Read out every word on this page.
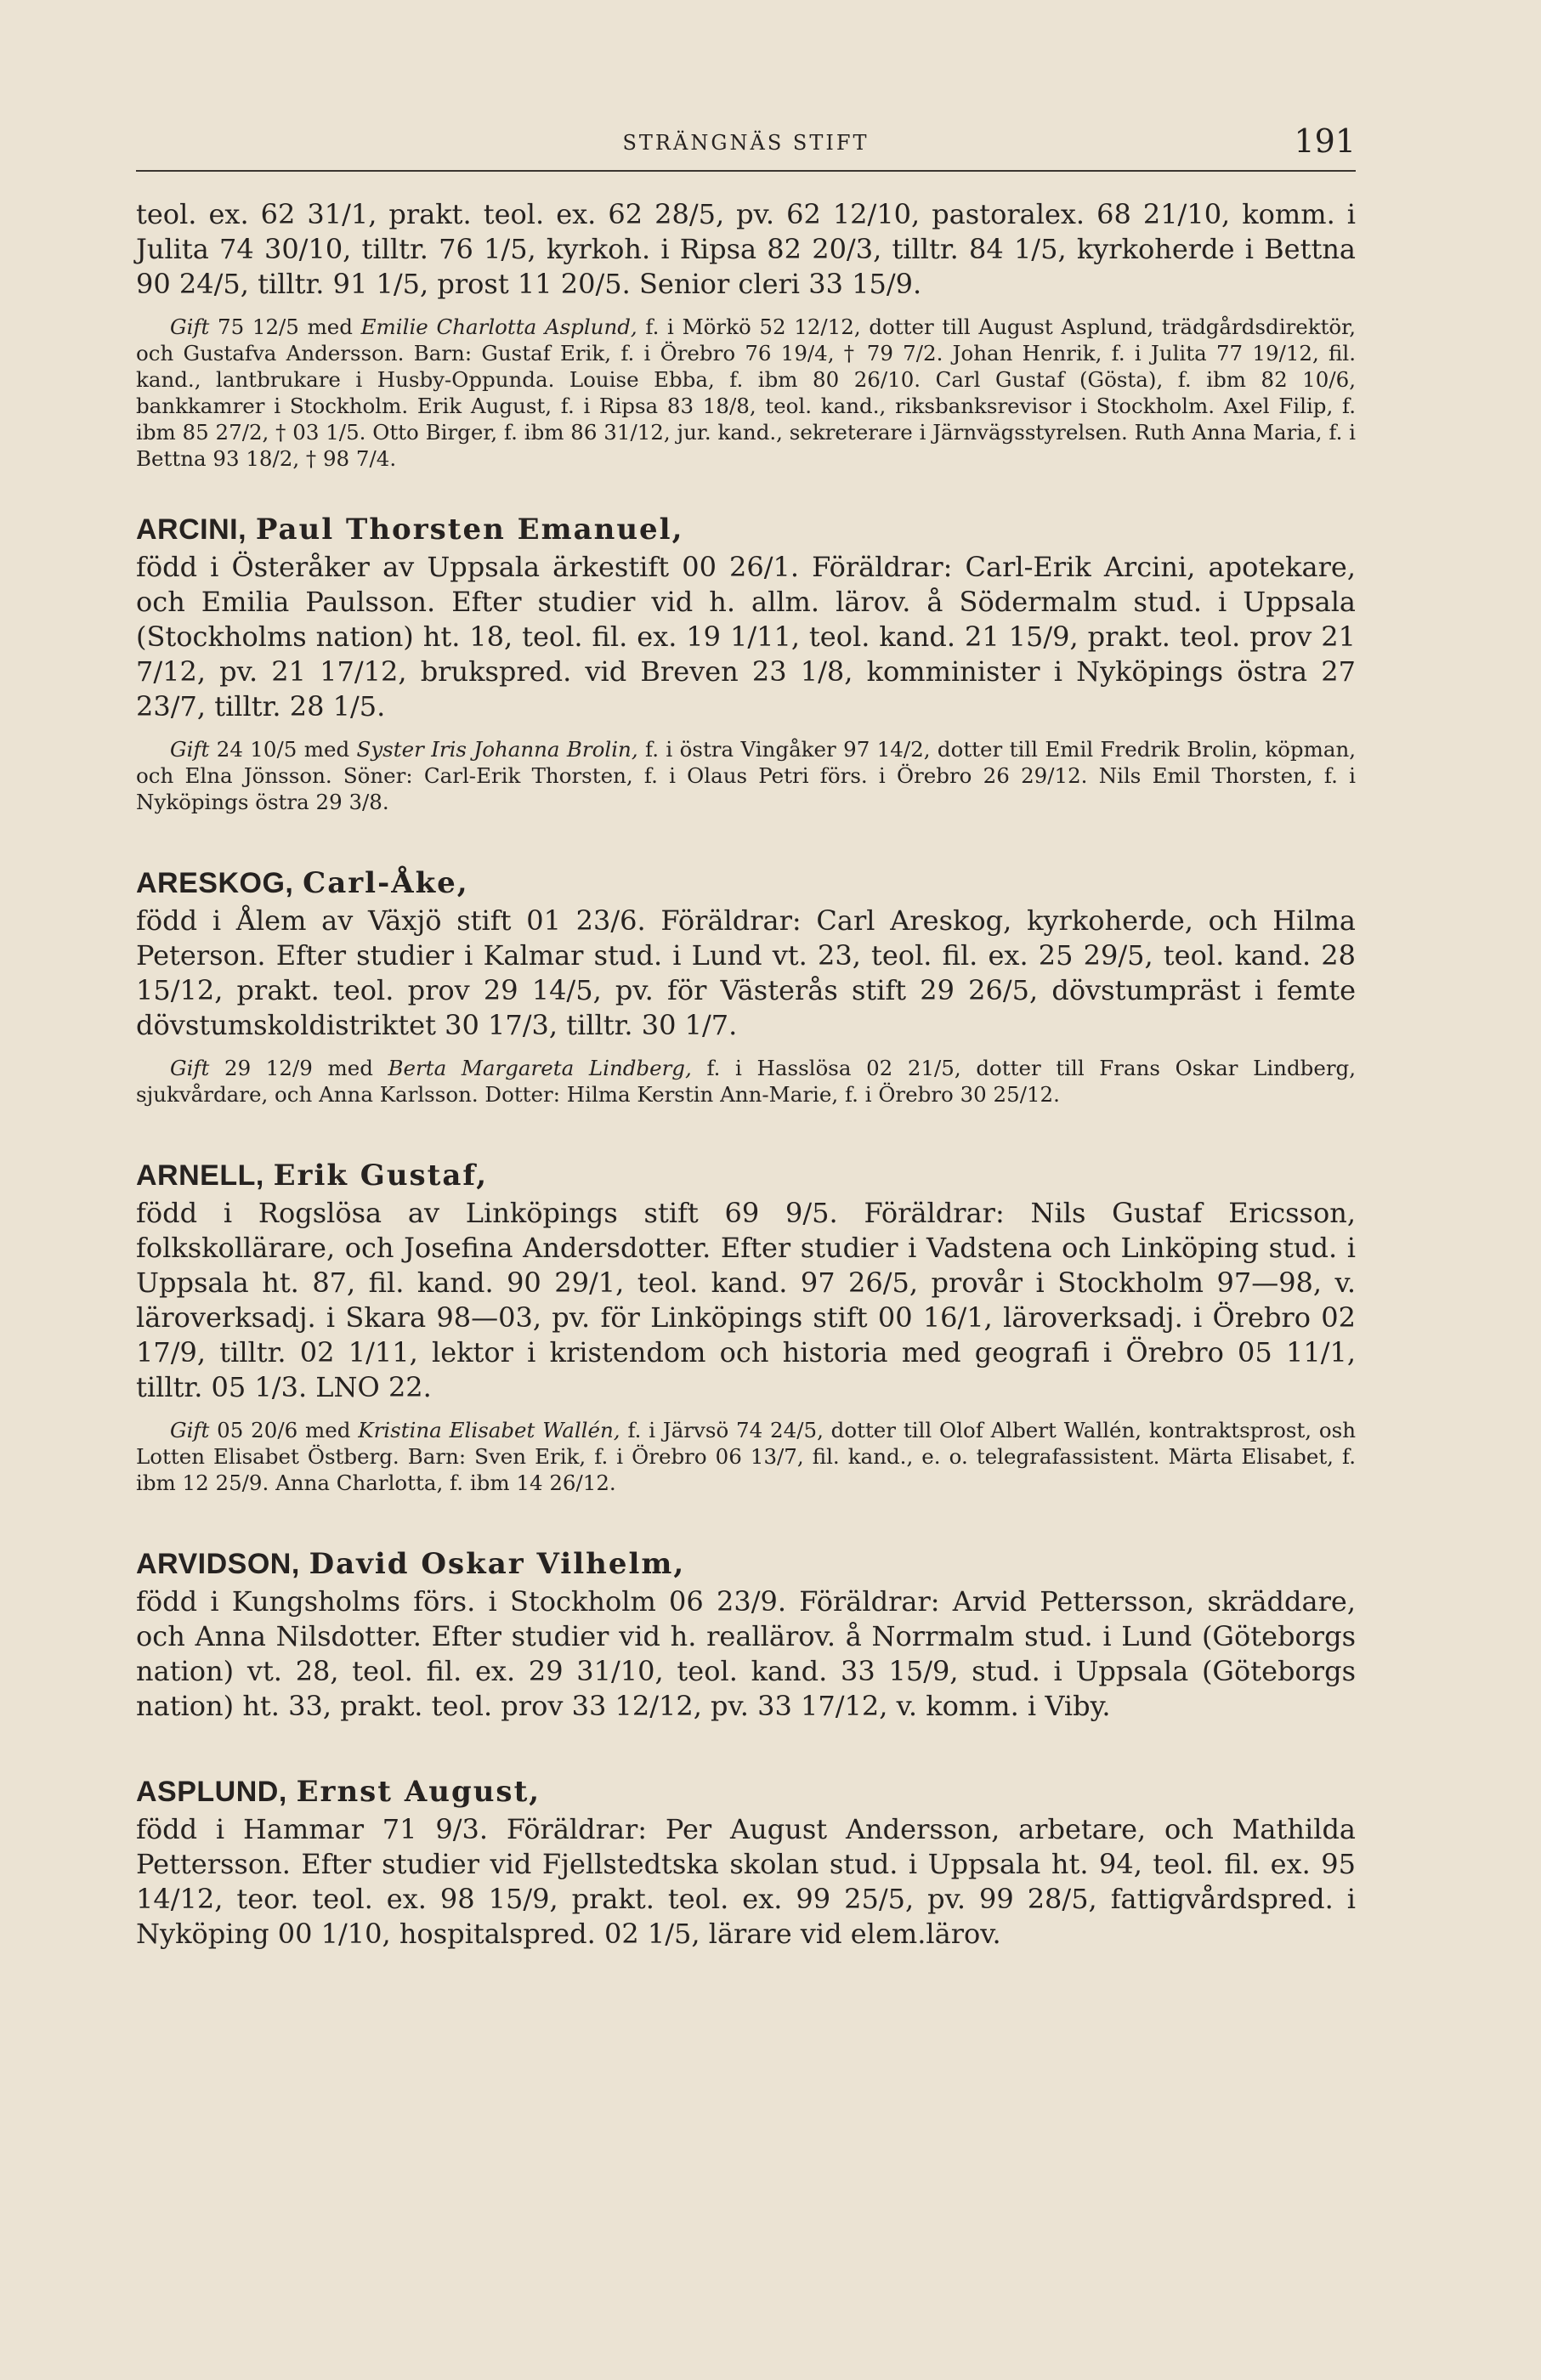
STRÄNGNÄS STIFT	191

teol. ex. 62 31/1, prakt. teol. ex. 62 28/5, pv. 62 12/10, pastoralex. 68 21/10, komm. i Julita 74 30/10, tilltr. 76 1/5, kyrkoh. i Ripsa 82 20/3, tilltr. 84 1/5, kyrkoherde i Bettna 90 24/5, tilltr. 91 1/5, prost 11 20/5. Senior cleri 33 15/9.

Gift 75 12/5 med Emilie Charlotta Asplund, f. i Mörkö 52 12/12, dotter till August Asplund, trädgårdsdirektör, och Gustafva Andersson. Barn: Gustaf Erik, f. i Örebro 76 19/4, † 79 7/2. Johan Henrik, f. i Julita 77 19/12, fil. kand., lantbrukare i Husby-Oppunda. Louise Ebba, f. ibm 80 26/10. Carl Gustaf (Gösta), f. ibm 82 10/6, bankkamrer i Stockholm. Erik August, f. i Ripsa 83 18/8, teol. kand., riksbanksrevisor i Stockholm. Axel Filip, f. ibm 85 27/2, † 03 1/5. Otto Birger, f. ibm 86 31/12, jur. kand., sekreterare i Järnvägsstyrelsen. Ruth Anna Maria, f. i Bettna 93 18/2, † 98 7/4.

ARCINI, Paul Thorsten Emanuel,

född i Österåker av Uppsala ärkestift 00 26/1. Föräldrar: Carl-Erik Arcini, apotekare, och Emilia Paulsson. Efter studier vid h. allm. lärov. å Södermalm stud. i Uppsala (Stockholms nation) ht. 18, teol. fil. ex. 19 1/11, teol. kand. 21 15/9, prakt. teol. prov 21 7/12, pv. 21 17/12, brukspred. vid Breven 23 1/8, komminister i Nyköpings östra 27 23/7, tilltr. 28 1/5.

Gift 24 10/5 med Syster Iris Johanna Brolin, f. i östra Vingåker 97 14/2, dotter till Emil Fredrik Brolin, köpman, och Elna Jönsson. Söner: Carl-Erik Thorsten, f. i Olaus Petri förs. i Örebro 26 29/12. Nils Emil Thorsten, f. i Nyköpings östra 29 3/8.

ARESKOG, Carl-Åke,

född i Ålem av Växjö stift 01 23/6. Föräldrar: Carl Areskog, kyrkoherde, och Hilma Peterson. Efter studier i Kalmar stud. i Lund vt. 23, teol. fil. ex. 25 29/5, teol. kand. 28 15/12, prakt. teol. prov 29 14/5, pv. för Västerås stift 29 26/5, dövstumpräst i femte dövstumskoldistriktet 30 17/3, tilltr. 30 1/7.

Gift 29 12/9 med Berta Margareta Lindberg, f. i Hasslösa 02 21/5, dotter till Frans Oskar Lindberg, sjukvårdare, och Anna Karlsson. Dotter: Hilma Kerstin Ann-Marie, f. i Örebro 30 25/12.

ARNELL, Erik Gustaf,

född i Rogslösa av Linköpings stift 69 9/5. Föräldrar: Nils Gustaf Ericsson, folkskollärare, och Josefina Andersdotter. Efter studier i Vadstena och Linköping stud. i Uppsala ht. 87, fil. kand. 90 29/1, teol. kand. 97 26/5, provår i Stockholm 97—98, v. läroverksadj. i Skara 98—03, pv. för Linköpings stift 00 16/1, läroverksadj. i Örebro 02 17/9, tilltr. 02 1/11, lektor i kristendom och historia med geografi i Örebro 05 11/1, tilltr. 05 1/3. LNO 22.

Gift 05 20/6 med Kristina Elisabet Wallén, f. i Järvsö 74 24/5, dotter till Olof Albert Wallén, kontraktsprost, osh Lotten Elisabet Östberg. Barn: Sven Erik, f. i Örebro 06 13/7, fil. kand., e. o. telegrafassistent. Märta Elisabet, f. ibm 12 25/9. Anna Charlotta, f. ibm 14 26/12.

ARVIDSON, David Oskar Vilhelm,

född i Kungsholms förs. i Stockholm 06 23/9. Föräldrar: Arvid Pettersson, skräddare, och Anna Nilsdotter. Efter studier vid h. reallärov. å Norrmalm stud. i Lund (Göteborgs nation) vt. 28, teol. fil. ex. 29 31/10, teol. kand. 33 15/9, stud. i Uppsala (Göteborgs nation) ht. 33, prakt. teol. prov 33 12/12, pv. 33 17/12, v. komm. i Viby.

ASPLUND, Ernst August,

född i Hammar 71 9/3. Föräldrar: Per August Andersson, arbetare, och Mathilda Pettersson. Efter studier vid Fjellstedtska skolan stud. i Uppsala ht. 94, teol. fil. ex. 95 14/12, teor. teol. ex. 98 15/9, prakt. teol. ex. 99 25/5, pv. 99 28/5, fattigvårdspred. i Nyköping 00 1/10, hospitalspred. 02 1/5, lärare vid elem.lärov.
